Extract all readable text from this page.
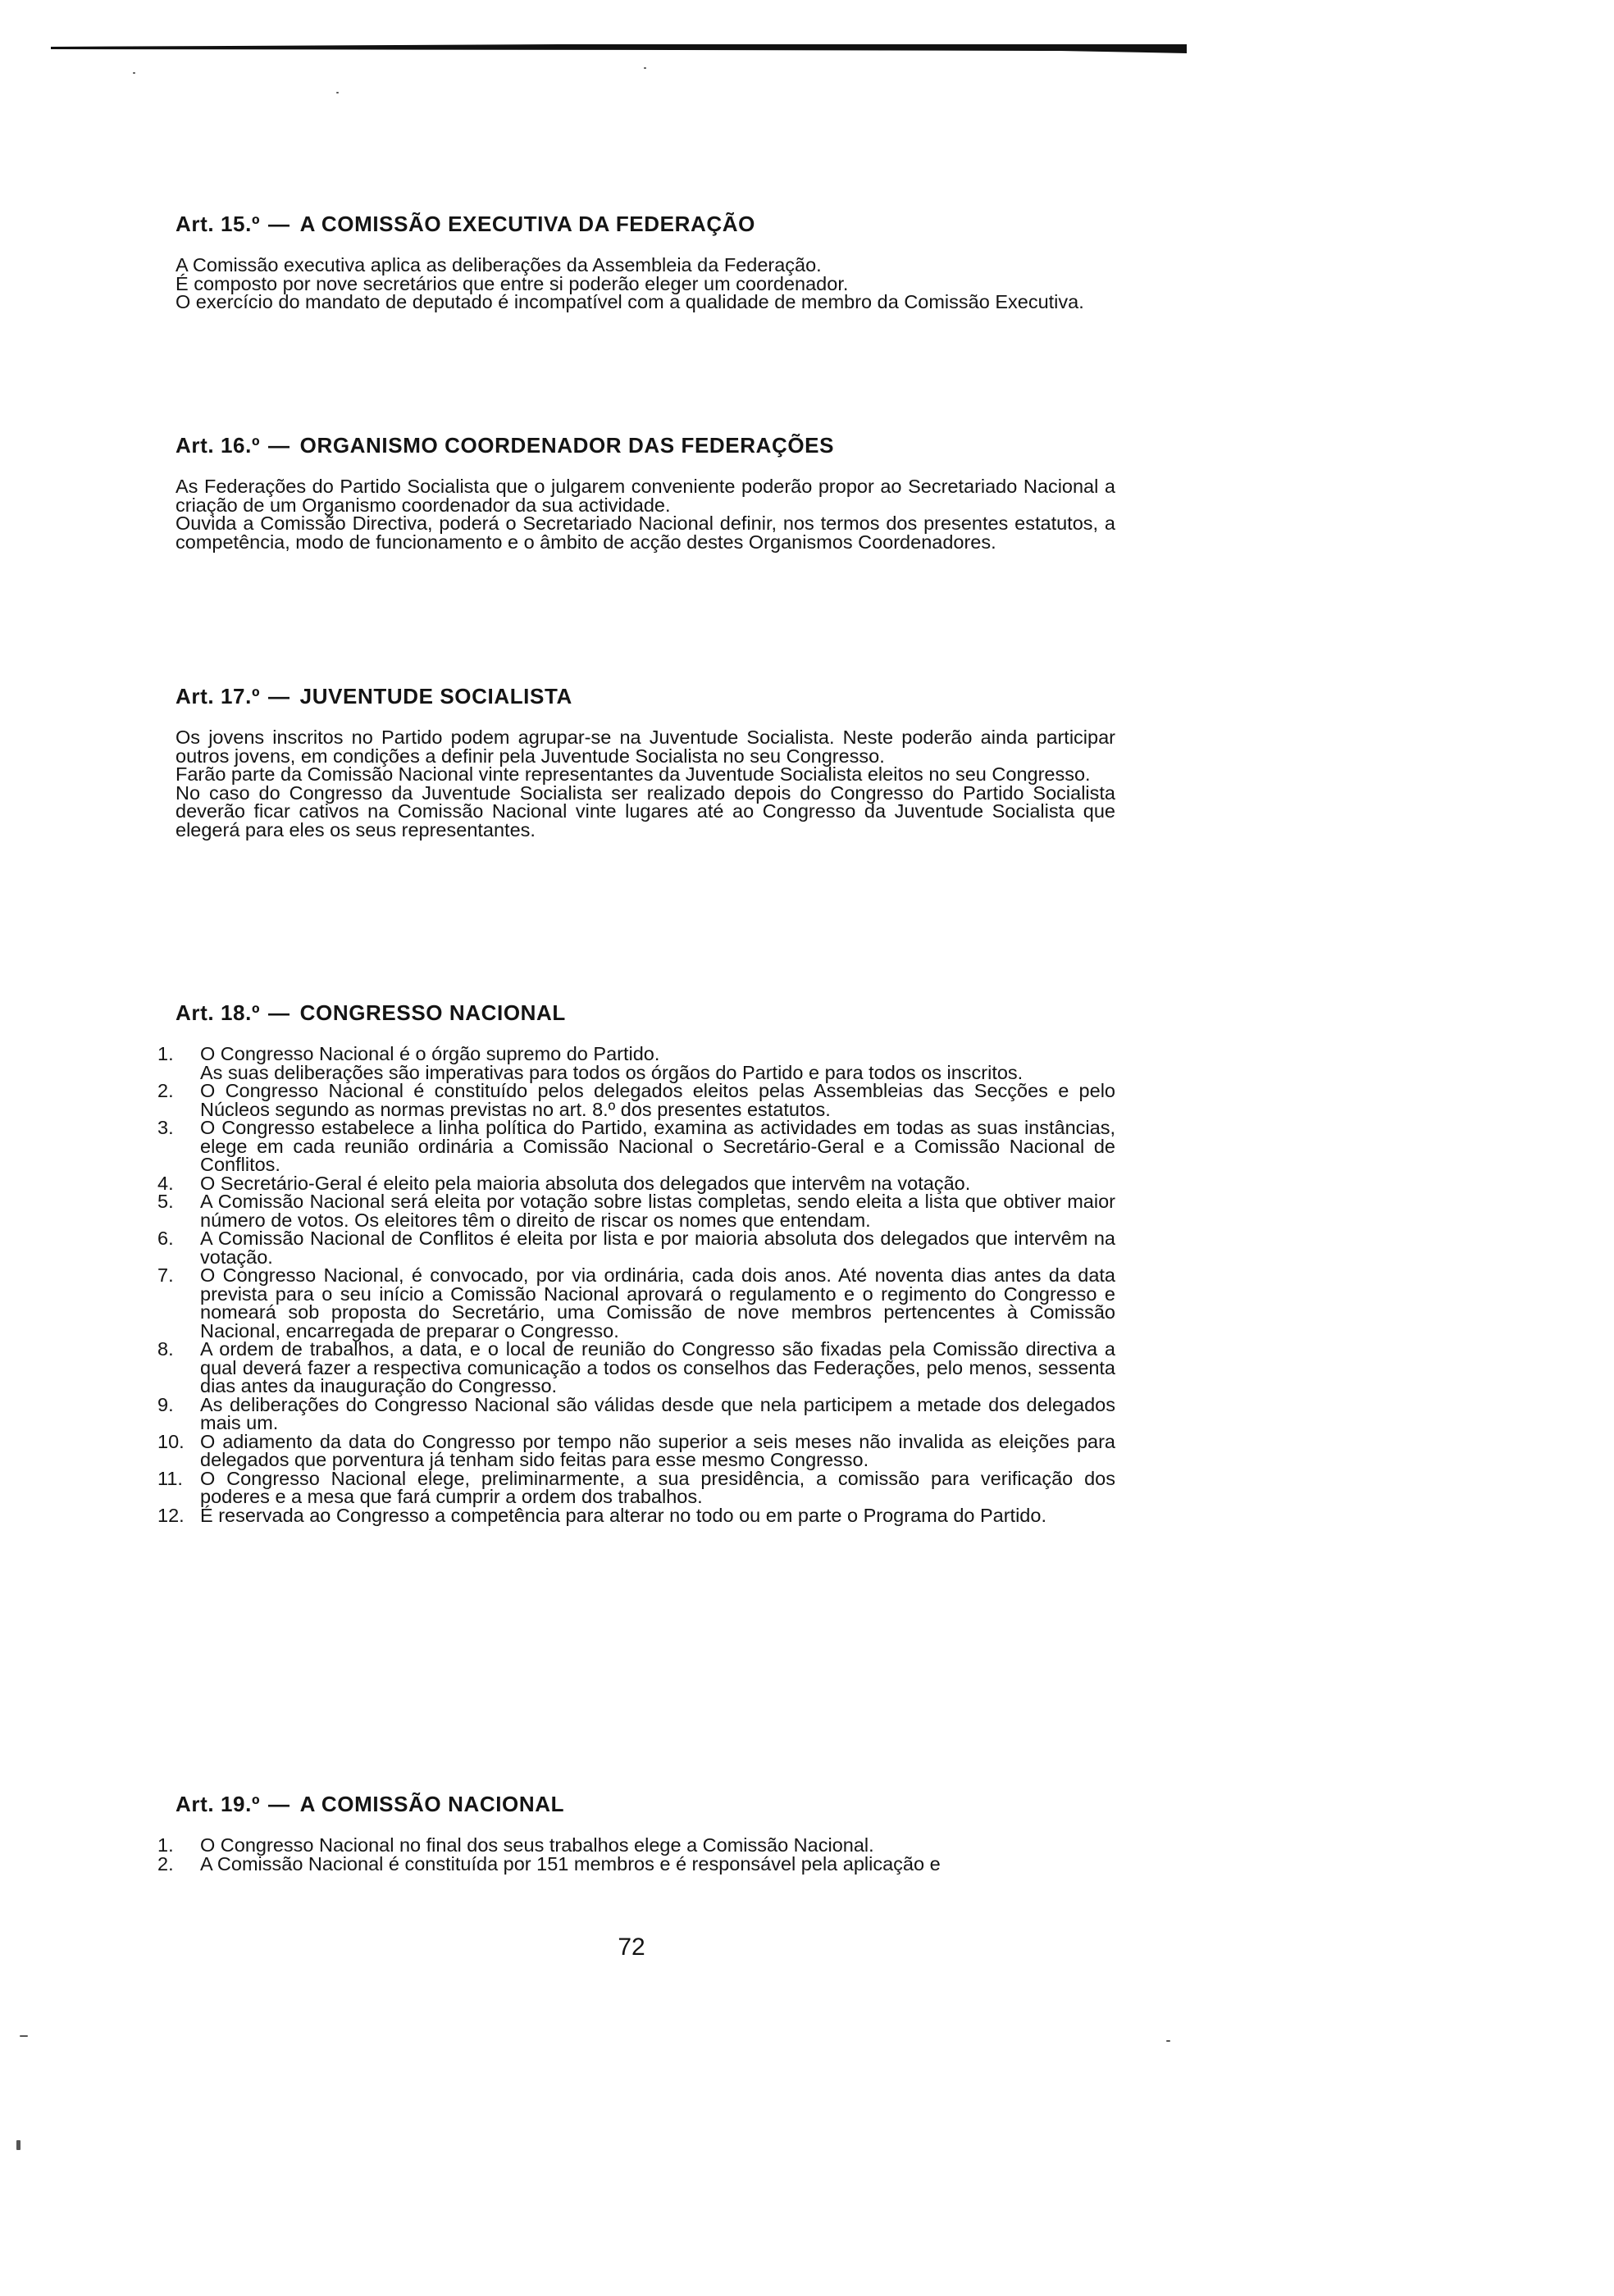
Art. 15.º — A COMISSÃO EXECUTIVA DA FEDERAÇÃO

A Comissão executiva aplica as deliberações da Assembleia da Federação.

É composto por nove secretários que entre si poderão eleger um coordenador.

O exercício do mandato de deputado é incompatível com a qualidade de membro da Comissão Executiva.

Art. 16.º — ORGANISMO COORDENADOR DAS FEDERAÇÕES

As Federações do Partido Socialista que o julgarem conveniente poderão propor ao Secretariado Nacional a criação de um Organismo coordenador da sua actividade.

Ouvida a Comissão Directiva, poderá o Secretariado Nacional definir, nos termos dos presentes estatutos, a competência, modo de funcionamento e o âmbito de acção destes Organismos Coordenadores.

Art. 17.º — JUVENTUDE SOCIALISTA

Os jovens inscritos no Partido podem agrupar-se na Juventude Socialista. Neste poderão ainda participar outros jovens, em condições a definir pela Juventude Socialista no seu Congresso.

Farão parte da Comissão Nacional vinte representantes da Juventude Socialista eleitos no seu Congresso.

No caso do Congresso da Juventude Socialista ser realizado depois do Congresso do Partido Socialista deverão ficar cativos na Comissão Nacional vinte lugares até ao Congresso da Juventude Socialista que elegerá para eles os seus representantes.

Art. 18.º — CONGRESSO NACIONAL
1.	O Congresso Nacional é o órgão supremo do Partido.
As suas deliberações são imperativas para todos os órgãos do Partido e para todos os inscritos.
2.	O Congresso Nacional é constituído pelos delegados eleitos pelas Assembleias das Secções e pelo Núcleos segundo as normas previstas no art. 8.º dos presentes estatutos.
3.	O Congresso estabelece a linha política do Partido, examina as actividades em todas as suas instâncias, elege em cada reunião ordinária a Comissão Nacional o Secretário-Geral e a Comissão Nacional de Conflitos.
4.	O Secretário-Geral é eleito pela maioria absoluta dos delegados que intervêm na votação.
5.	A Comissão Nacional será eleita por votação sobre listas completas, sendo eleita a lista que obtiver maior número de votos. Os eleitores têm o direito de riscar os nomes que entendam.
6.	A Comissão Nacional de Conflitos é eleita por lista e por maioria absoluta dos delegados que intervêm na votação.
7.	O Congresso Nacional, é convocado, por via ordinária, cada dois anos. Até noventa dias antes da data prevista para o seu início a Comissão Nacional aprovará o regulamento e o regimento do Congresso e nomeará sob proposta do Secretário, uma Comissão de nove membros pertencentes à Comissão Nacional, encarregada de preparar o Congresso.
8.	A ordem de trabalhos, a data, e o local de reunião do Congresso são fixadas pela Comissão directiva a qual deverá fazer a respectiva comunicação a todos os conselhos das Federações, pelo menos, sessenta dias antes da inauguração do Congresso.
9.	As deliberações do Congresso Nacional são válidas desde que nela participem a metade dos delegados mais um.
10. O adiamento da data do Congresso por tempo não superior a seis meses não invalida as eleições para delegados que porventura já tenham sido feitas para esse mesmo Congresso.
11. O Congresso Nacional elege, preliminarmente, a sua presidência, a comissão para verificação dos poderes e a mesa que fará cumprir a ordem dos trabalhos.
12. É reservada ao Congresso a competência para alterar no todo ou em parte o Programa do Partido.
Art. 19.º — A COMISSÃO NACIONAL
1.	O Congresso Nacional no final dos seus trabalhos elege a Comissão Nacional.
2.	A Comissão Nacional é constituída por 151 membros e é responsável pela aplicação e
72
